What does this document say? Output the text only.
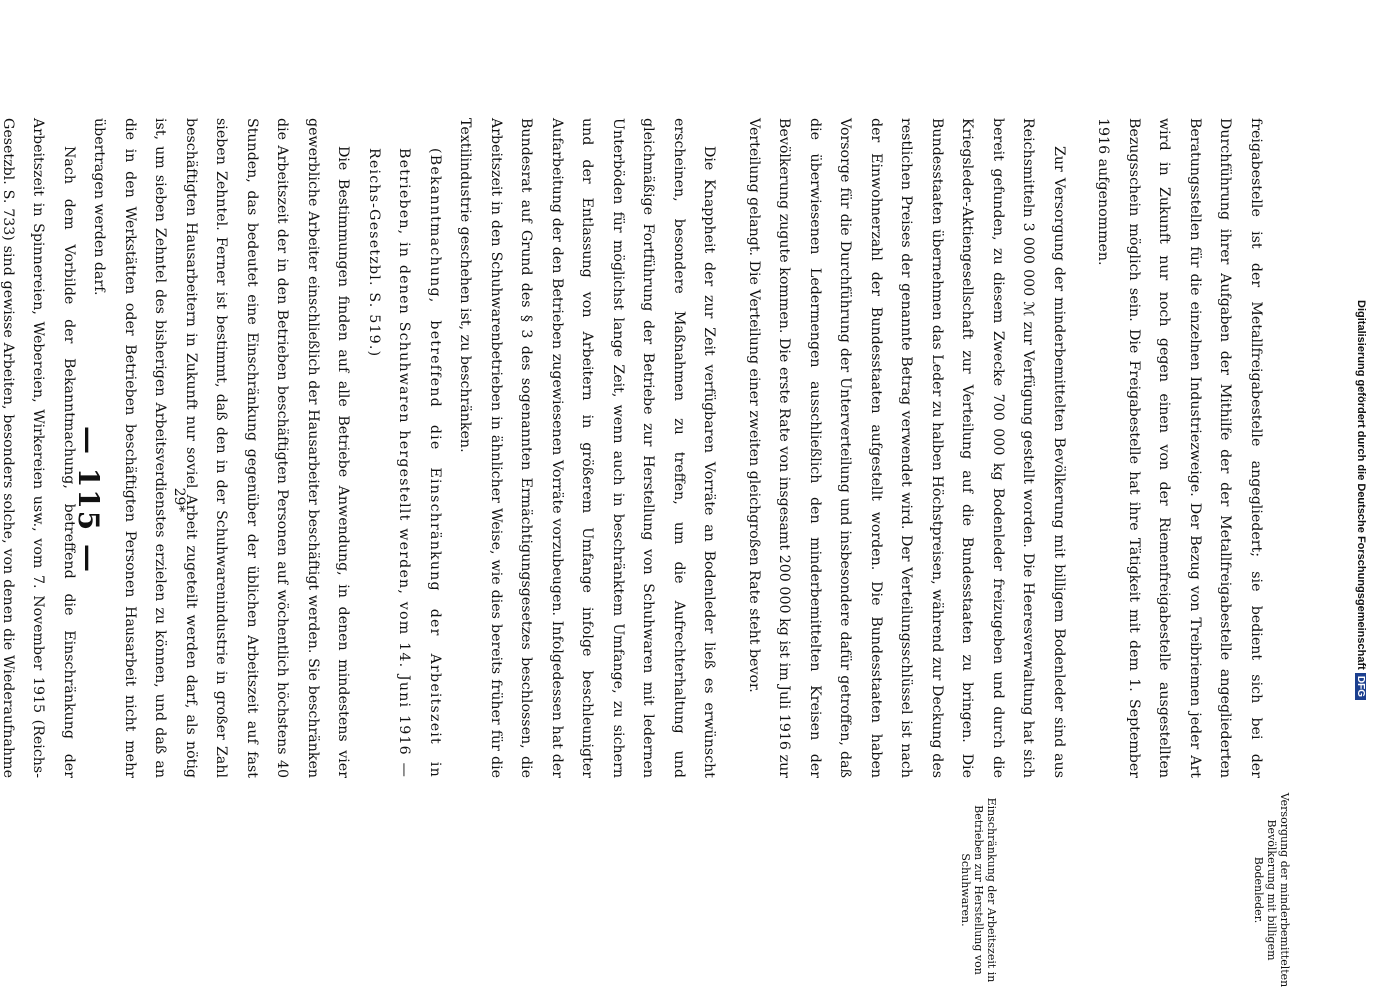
Digitalisierung gefördert durch die Deutsche Forschungsgemeinschaft DFG
Versorgung der minderbemittelten Bevölkerung mit billigem Bodenleder.
Einschränkung der Arbeitszeit in Betrieben zur Herstellung von Schuhwaren.

freigabestelle ist der Metallfreigabestelle angegliedert; sie bedient sich bei der Durchführung ihrer Aufgaben der Mithilfe der der Metallfreigabestelle angegliederten Beratungsstellen für die einzelnen Industriezweige. Der Bezug von Treibriemen jeder Art wird in Zukunft nur noch gegen einen von der Riemenfreigabestelle ausgestellten Bezugsschein möglich sein. Die Freigabestelle hat ihre Tätigkeit mit dem 1. September 1916 aufgenommen.

Zur Versorgung der minderbemittelten Bevölkerung mit billigem Bodenleder sind aus Reichsmitteln 3 000 000 ℳ zur Verfügung gestellt worden. Die Heeresverwaltung hat sich bereit gefunden, zu diesem Zwecke 700 000 kg Bodenleder freizugeben und durch die Kriegsleder-Aktiengesellschaft zur Verteilung auf die Bundesstaaten zu bringen. Die Bundesstaaten übernehmen das Leder zu halben Höchstpreisen, während zur Deckung des restlichen Preises der genannte Betrag verwendet wird. Der Verteilungsschlüssel ist nach der Einwohnerzahl der Bundesstaaten aufgestellt worden. Die Bundesstaaten haben Vorsorge für die Durchführung der Unterverteilung und insbesondere dafür getroffen, daß die überwiesenen Ledermengen ausschließlich den minderbemittelten Kreisen der Bevölkerung zugute kommen. Die erste Rate von insgesamt 200 000 kg ist im Juli 1916 zur Verteilung gelangt. Die Verteilung einer zweiten gleichgroßen Rate steht bevor.

Die Knappheit der zur Zeit verfügbaren Vorräte an Bodenleder ließ es erwünscht erscheinen, besondere Maßnahmen zu treffen, um die Aufrechterhaltung und gleichmäßige Fortführung der Betriebe zur Herstellung von Schuhwaren mit ledernen Unterböden für möglichst lange Zeit, wenn auch in beschränktem Umfange, zu sichern und der Entlassung von Arbeitern in größerem Umfange infolge beschleunigter Aufarbeitung der den Betrieben zugewiesenen Vorräte vorzubeugen. Infolgedessen hat der Bundesrat auf Grund des § 3 des sogenannten Ermächtigungsgesetzes beschlossen, die Arbeitszeit in den Schuhwarenbetrieben in ähnlicher Weise, wie dies bereits früher für die Textilindustrie geschehen ist, zu beschränken.

(Bekanntmachung, betreffend die Einschränkung der Arbeitszeit in Betrieben, in denen Schuhwaren hergestellt werden, vom 14. Juni 1916 — Reichs-Gesetzbl. S. 519.)

Die Bestimmungen finden auf alle Betriebe Anwendung, in denen mindestens vier gewerbliche Arbeiter einschließlich der Hausarbeiter beschäftigt werden. Sie beschränken die Arbeitszeit der in den Betrieben beschäftigten Personen auf wöchentlich höchstens 40 Stunden, das bedeutet eine Einschränkung gegenüber der üblichen Arbeitszeit auf fast sieben Zehntel. Ferner ist bestimmt, daß den in der Schuhwarenindustrie in großer Zahl beschäftigten Hausarbeitern in Zukunft nur soviel Arbeit zugeteilt werden darf, als nötig ist, um sieben Zehntel des bisherigen Arbeitsverdienstes erzielen zu können, und daß an die in den Werkstätten oder Betrieben beschäftigten Personen Hausarbeit nicht mehr übertragen werden darf.

Nach dem Vorbilde der Bekanntmachung, betreffend die Einschränkung der Arbeitszeit in Spinnereien, Webereien, Wirkereien usw., vom 7. November 1915 (Reichs-Gesetzbl. S. 733) sind gewisse Arbeiten, besonders solche, von denen die Wiederaufnahme

29*
— 115 —
